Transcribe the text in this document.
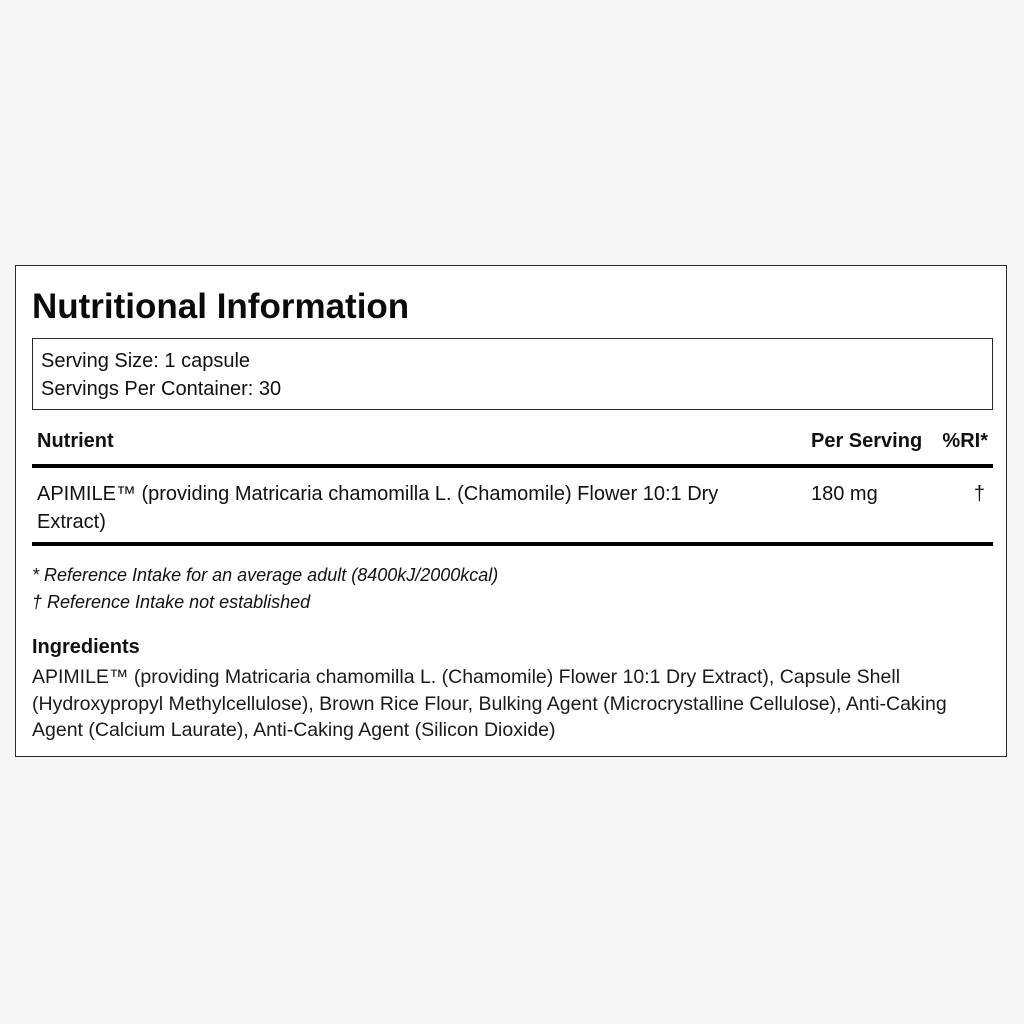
Nutritional Information
Serving Size: 1 capsule
Servings Per Container: 30
Nutrient	Per Serving %RI*
APIMILE™ (providing Matricaria chamomilla L. (Chamomile) Flower 10:1 Dry Extract)
180 mg	†
* Reference Intake for an average adult (8400kJ/2000kcal)
† Reference Intake not established
Ingredients
APIMILE™ (providing Matricaria chamomilla L. (Chamomile) Flower 10:1 Dry Extract), Capsule Shell (Hydroxypropyl Methylcellulose), Brown Rice Flour, Bulking Agent (Microcrystalline Cellulose), Anti-Caking Agent (Calcium Laurate), Anti-Caking Agent (Silicon Dioxide)
